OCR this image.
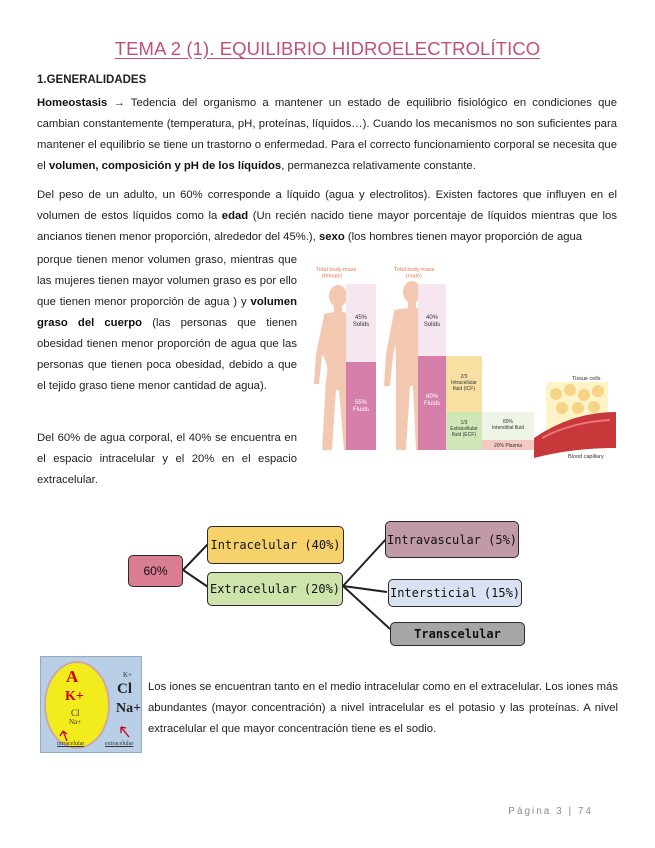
TEMA 2 (1). EQUILIBRIO HIDROELECTROLÍTICO
1.GENERALIDADES

Homeostasis → Tedencia del organismo a mantener un estado de equilibrio fisiológico en condiciones que cambian constantemente (temperatura, pH, proteínas, líquidos…). Cuando los mecanismos no son suficientes para mantener el equilibrio se tiene un trastorno o enfermedad. Para el correcto funcionamiento corporal se necesita que el volumen, composición y pH de los líquidos, permanezca relativamente constante.

Del peso de un adulto, un 60% corresponde a líquido (agua y electrolitos). Existen factores que influyen en el volumen de estos líquidos como la edad (Un recién nacido tiene mayor porcentaje de líquidos mientras que los ancianos tienen menor proporción, alrededor del 45%.), sexo (los hombres tienen mayor proporción de agua

porque tienen menor volumen graso, mientras que las mujeres tienen mayor volumen graso es por ello que tienen menor proporción de agua ) y volumen graso del cuerpo (las personas que tienen obesidad tienen menor proporción de agua que las personas que tienen poca obesidad, debido a que el tejido graso tiene menor cantidad de agua).

Del 60% de agua corporal, el 40% se encuentra en el espacio intracelular y el 20% en el espacio extracelular.

Total body mass (female)
45% Solids
55% Fluids
Total body mass (male)
40% Solids
60% Fluids
2/3 Intracellular fluid (ICF)
1/3 Extracellular fluid (ECF)
80% Interstitial fluid
20% Plasma
Tissue cells
Blood capillary
60%
Intracelular (40%)
Extracelular (20%)
Intravascular (5%)
Intersticial (15%)
Transcelular
A
K+
Cl
Na+
K+
Cl
Na+
intracelular	extracelular

Los iones se encuentran tanto en el medio intracelular como en el extracelular. Los iones más abundantes (mayor concentración) a nivel intracelular es el potasio y las proteínas. A nivel extracelular el que mayor concentración tiene es el sodio.

Página 3 | 74
